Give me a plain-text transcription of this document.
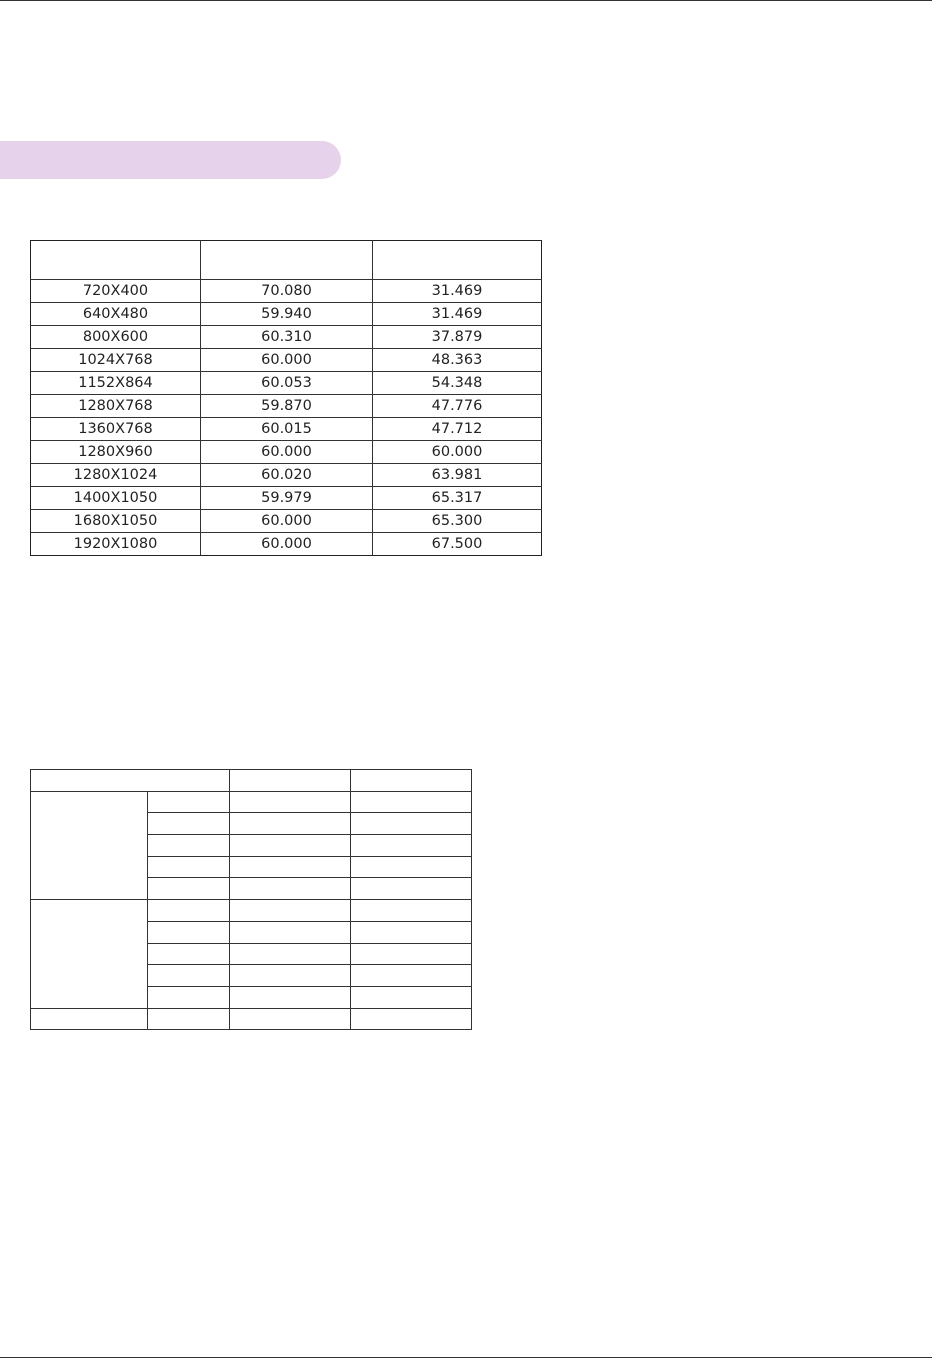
720X400	70.080	31.469
640X480	59.940	31.469
800X600	60.310	37.879
1024X768	60.000	48.363
1152X864	60.053	54.348
1280X768	59.870	47.776
1360X768	60.015	47.712
1280X960	60.000	60.000
1280X1024	60.020	63.981
1400X1050	59.979	65.317
1680X1050	60.000	65.300
1920X1080	60.000	67.500
